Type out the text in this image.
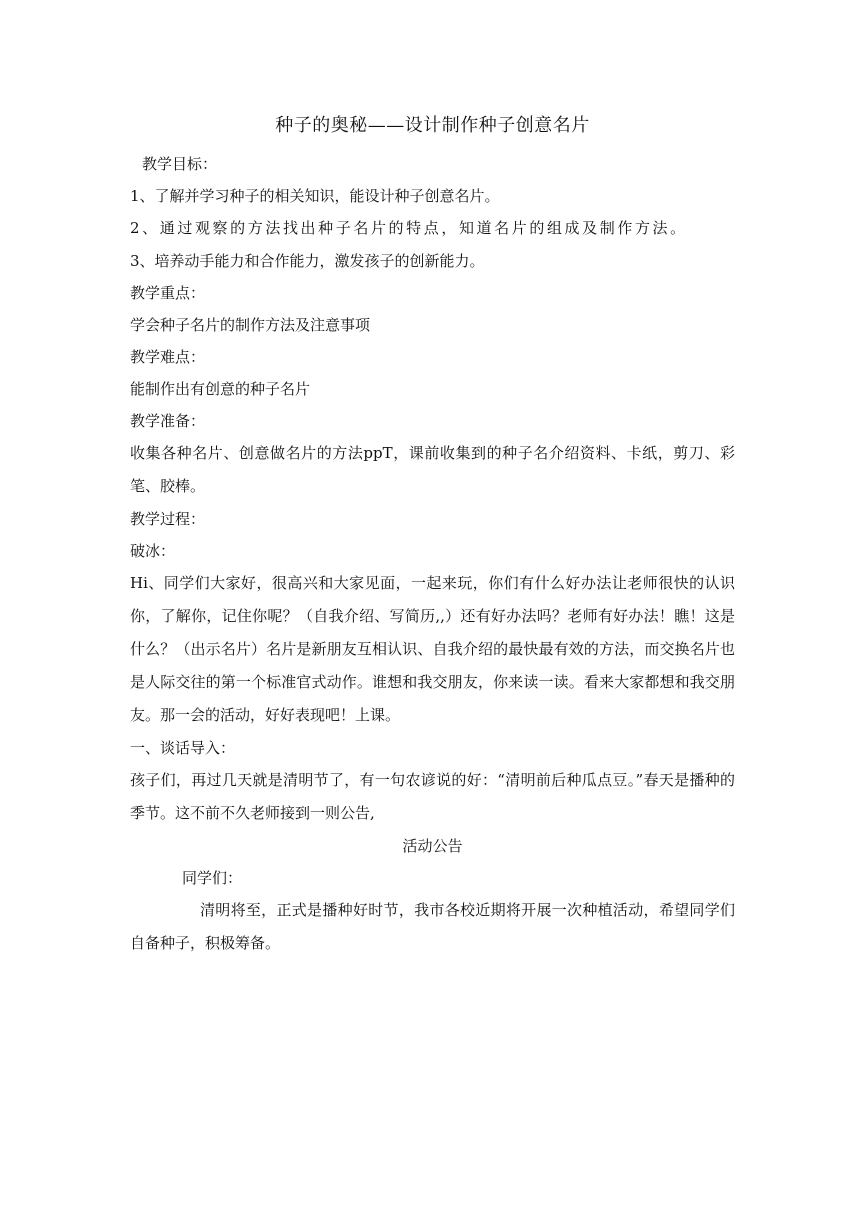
种子的奥秘——设计制作种子创意名片

教学目标：

1、了解并学习种子的相关知识，能设计种子创意名片。

2、通过观察的方法找出种子名片的特点，知道名片的组成及制作方法。

3、培养动手能力和合作能力，激发孩子的创新能力。

教学重点：

学会种子名片的制作方法及注意事项

教学难点：

能制作出有创意的种子名片

教学准备：

收集各种名片、创意做名片的方法ppT，课前收集到的种子名介绍资料、卡纸，剪刀、彩笔、胶棒。

教学过程：

破冰：

Hi、同学们大家好，很高兴和大家见面，一起来玩，你们有什么好办法让老师很快的认识你，了解你，记住你呢？（自我介绍、写简历,,）还有好办法吗？老师有好办法！瞧！这是什么？（出示名片）名片是新朋友互相认识、自我介绍的最快最有效的方法，而交换名片也是人际交往的第一个标准官式动作。谁想和我交朋友，你来读一读。看来大家都想和我交朋友。那一会的活动，好好表现吧！上课。

一、谈话导入：

孩子们，再过几天就是清明节了，有一句农谚说的好：“清明前后种瓜点豆。”春天是播种的季节。这不前不久老师接到一则公告,

活动公告

同学们：

清明将至，正式是播种好时节，我市各校近期将开展一次种植活动，希望同学们自备种子，积极筹备。
